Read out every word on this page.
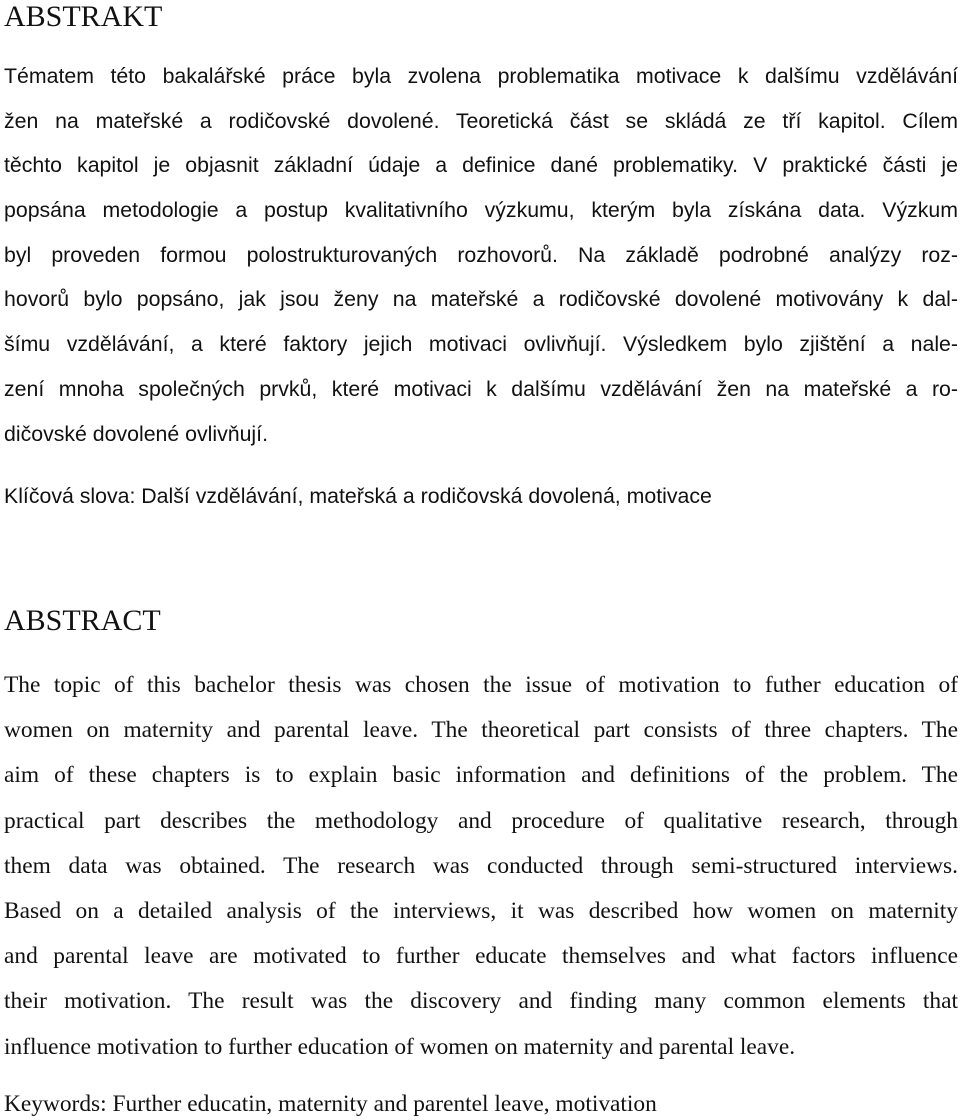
ABSTRAKT
Tématem této bakalářské práce byla zvolena problematika motivace k dalšímu vzdělávání
žen na mateřské a rodičovské dovolené. Teoretická část se skládá ze tří kapitol. Cílem
těchto kapitol je objasnit základní údaje a definice dané problematiky. V praktické části je
popsána metodologie a postup kvalitativního výzkumu, kterým byla získána data. Výzkum
byl proveden formou polostrukturovaných rozhovorů. Na základě podrobné analýzy roz-
hovorů bylo popsáno, jak jsou ženy na mateřské a rodičovské dovolené motivovány k dal-
šímu vzdělávání, a které faktory jejich motivaci ovlivňují. Výsledkem bylo zjištění a nale-
zení mnoha společných prvků, které motivaci k dalšímu vzdělávání žen na mateřské a ro-
dičovské dovolené ovlivňují.

Klíčová slova: Další vzdělávání, mateřská a rodičovská dovolená, motivace

ABSTRACT
The topic of this bachelor thesis was chosen the issue of motivation to futher education of
women on maternity and parental leave. The theoretical part consists of three chapters. The
aim of these chapters is to explain basic information and definitions of the problem. The
practical part describes the methodology and procedure of qualitative research, through
them data was obtained. The research was conducted through semi-structured interviews.
Based on a detailed analysis of the interviews, it was described how women on maternity
and parental leave are motivated to further educate themselves and what factors influence
their motivation. The result was the discovery and finding many common elements that
influence motivation to further education of women on maternity and parental leave.

Keywords: Further educatin, maternity and parentel leave, motivation
